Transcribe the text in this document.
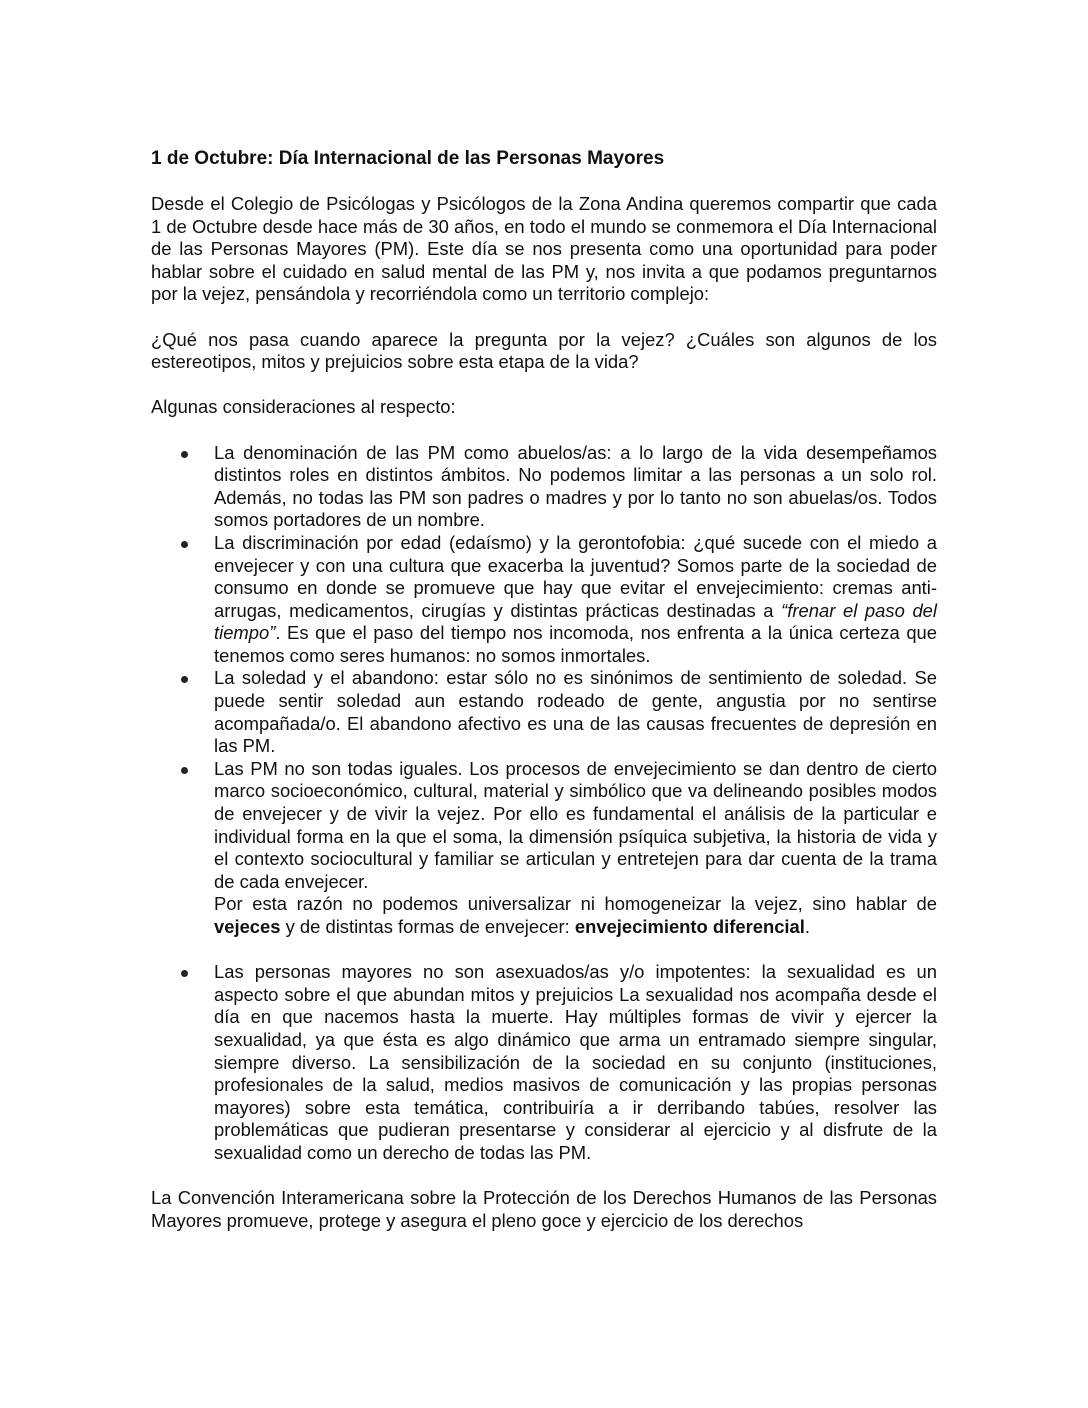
1 de Octubre: Día Internacional de las Personas Mayores

Desde el Colegio de Psicólogas y Psicólogos de la Zona Andina queremos compartir que cada 1 de Octubre desde hace más de 30 años, en todo el mundo se conmemora el Día Internacional de las Personas Mayores (PM). Este día se nos presenta como una oportunidad para poder hablar sobre el cuidado en salud mental de las PM y, nos invita a que podamos preguntarnos por la vejez, pensándola y recorriéndola como un territorio complejo:

¿Qué nos pasa cuando aparece la pregunta por la vejez? ¿Cuáles son algunos de los estereotipos, mitos y prejuicios sobre esta etapa de la vida?

Algunas consideraciones al respecto:

La denominación de las PM como abuelos/as: a lo largo de la vida desempeñamos distintos roles en distintos ámbitos. No podemos limitar a las personas a un solo rol. Además, no todas las PM son padres o madres y por lo tanto no son abuelas/os. Todos somos portadores de un nombre.
La discriminación por edad (edaísmo) y la gerontofobia: ¿qué sucede con el miedo a envejecer y con una cultura que exacerba la juventud? Somos parte de la sociedad de consumo en donde se promueve que hay que evitar el envejecimiento: cremas anti-arrugas, medicamentos, cirugías y distintas prácticas destinadas a “frenar el paso del tiempo”. Es que el paso del tiempo nos incomoda, nos enfrenta a la única certeza que tenemos como seres humanos: no somos inmortales.
La soledad y el abandono: estar sólo no es sinónimos de sentimiento de soledad. Se puede sentir soledad aun estando rodeado de gente, angustia por no sentirse acompañada/o. El abandono afectivo es una de las causas frecuentes de depresión en las PM.

Las PM no son todas iguales. Los procesos de envejecimiento se dan dentro de cierto marco socioeconómico, cultural, material y simbólico que va delineando posibles modos de envejecer y de vivir la vejez. Por ello es fundamental el análisis de la particular e individual forma en la que el soma, la dimensión psíquica subjetiva, la historia de vida y el contexto sociocultural y familiar se articulan y entretejen para dar cuenta de la trama de cada envejecer.

Por esta razón no podemos universalizar ni homogeneizar la vejez, sino hablar de vejeces y de distintas formas de envejecer: envejecimiento diferencial.

Las personas mayores no son asexuados/as y/o impotentes: la sexualidad es un aspecto sobre el que abundan mitos y prejuicios La sexualidad nos acompaña desde el día en que nacemos hasta la muerte. Hay múltiples formas de vivir y ejercer la sexualidad, ya que ésta es algo dinámico que arma un entramado siempre singular, siempre diverso. La sensibilización de la sociedad en su conjunto (instituciones, profesionales de la salud, medios masivos de comunicación y las propias personas mayores) sobre esta temática, contribuiría a ir derribando tabúes, resolver las problemáticas que pudieran presentarse y considerar al ejercicio y al disfrute de la sexualidad como un derecho de todas las PM.

La Convención Interamericana sobre la Protección de los Derechos Humanos de las Personas Mayores promueve, protege y asegura el pleno goce y ejercicio de los derechos
